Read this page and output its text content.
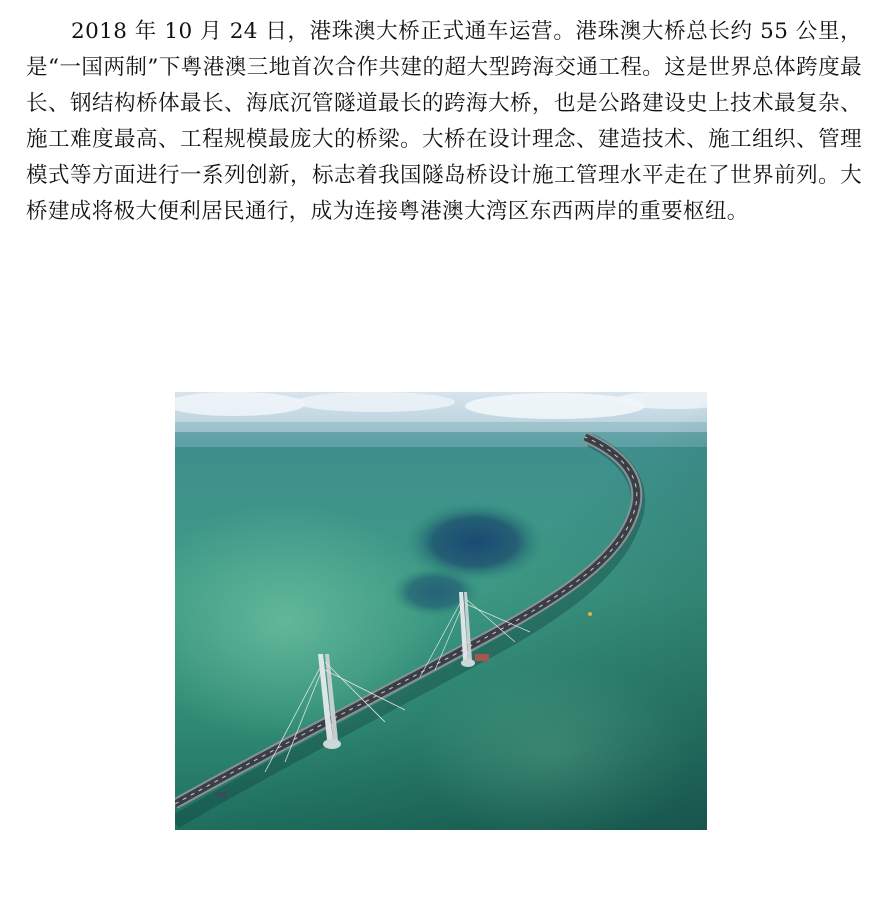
2018 年 10 月 24 日，港珠澳大桥正式通车运营。港珠澳大桥总长约 55 公里，是“一国两制”下粤港澳三地首次合作共建的超大型跨海交通工程。这是世界总体跨度最长、钢结构桥体最长、海底沉管隧道最长的跨海大桥，也是公路建设史上技术最复杂、施工难度最高、工程规模最庞大的桥梁。大桥在设计理念、建造技术、施工组织、管理模式等方面进行一系列创新，标志着我国隧岛桥设计施工管理水平走在了世界前列。大桥建成将极大便利居民通行，成为连接粤港澳大湾区东西两岸的重要枢纽。
